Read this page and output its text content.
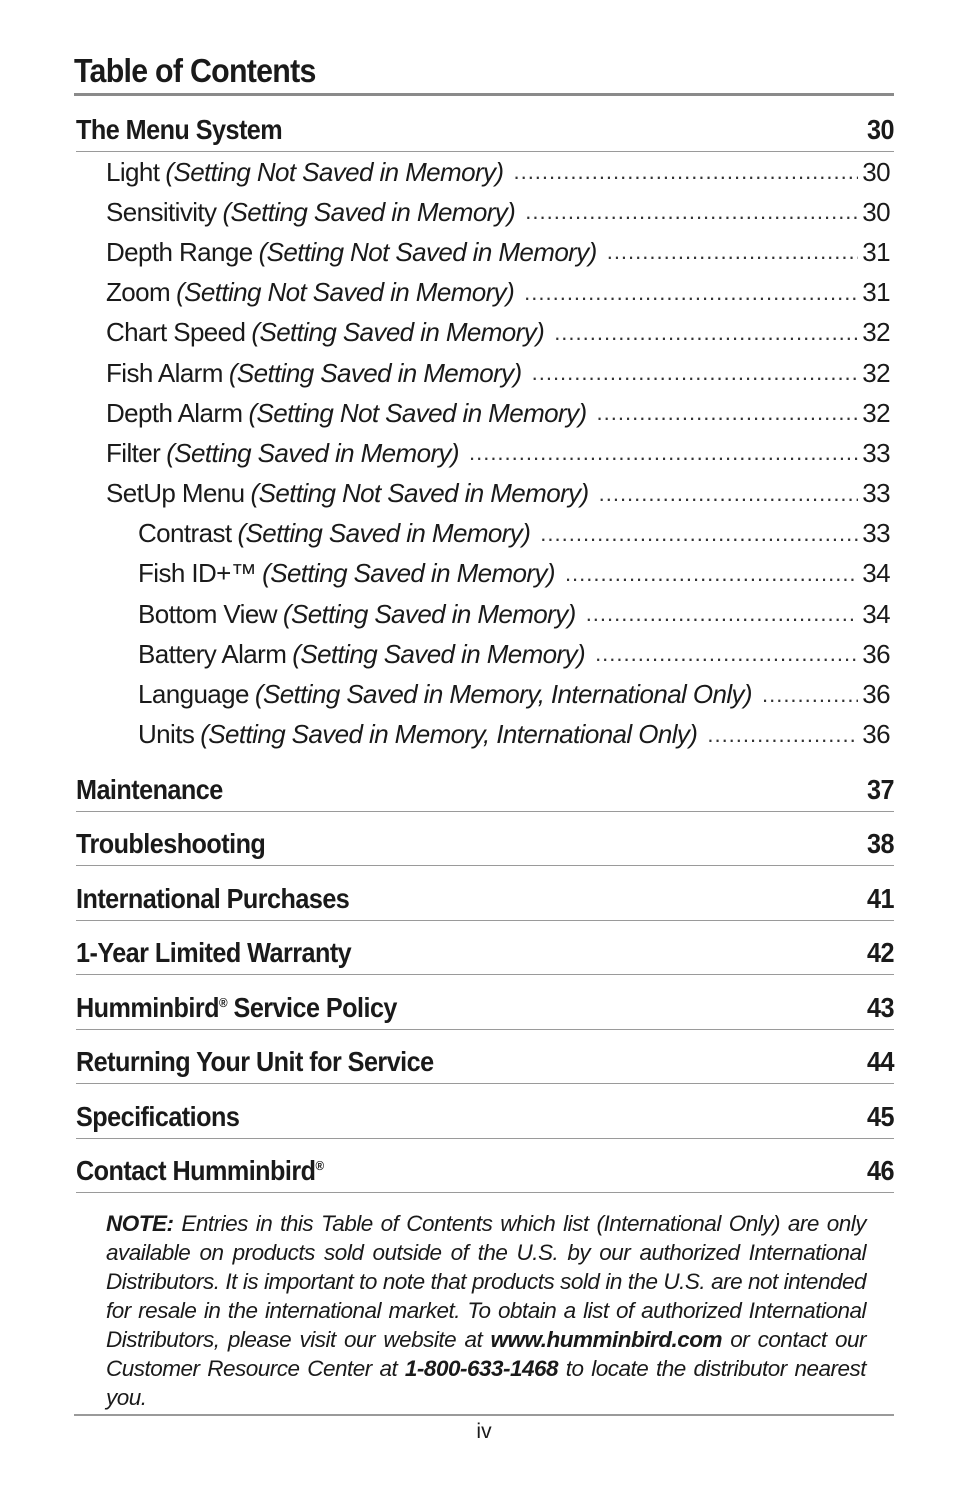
Table of Contents
The Menu System	30
Light (Setting Not Saved in Memory) .....	30
Sensitivity (Setting Saved in Memory) .....	30
Depth Range (Setting Not Saved in Memory) .....	31
Zoom (Setting Not Saved in Memory) .....	31
Chart Speed (Setting Saved in Memory) .....	32
Fish Alarm (Setting Saved in Memory) .....	32
Depth Alarm (Setting Not Saved in Memory) .....	32
Filter (Setting Saved in Memory) .....	33
SetUp Menu (Setting Not Saved in Memory) .....	33
Contrast (Setting Saved in Memory) .....	33
Fish ID+™ (Setting Saved in Memory) .....	34
Bottom View (Setting Saved in Memory) .....	34
Battery Alarm (Setting Saved in Memory) .....	36
Language (Setting Saved in Memory, International Only) .....	36
Units (Setting Saved in Memory, International Only) .....	36
Maintenance	37
Troubleshooting	38
International Purchases	41
1-Year Limited Warranty	42
Humminbird® Service Policy	43
Returning Your Unit for Service	44
Specifications	45
Contact Humminbird®	46
NOTE: Entries in this Table of Contents which list (International Only) are only available on products sold outside of the U.S. by our authorized International Distributors. It is important to note that products sold in the U.S. are not intended for resale in the international market. To obtain a list of authorized International Distributors, please visit our website at www.humminbird.com or contact our Customer Resource Center at 1-800-633-1468 to locate the distributor nearest you.
iv
